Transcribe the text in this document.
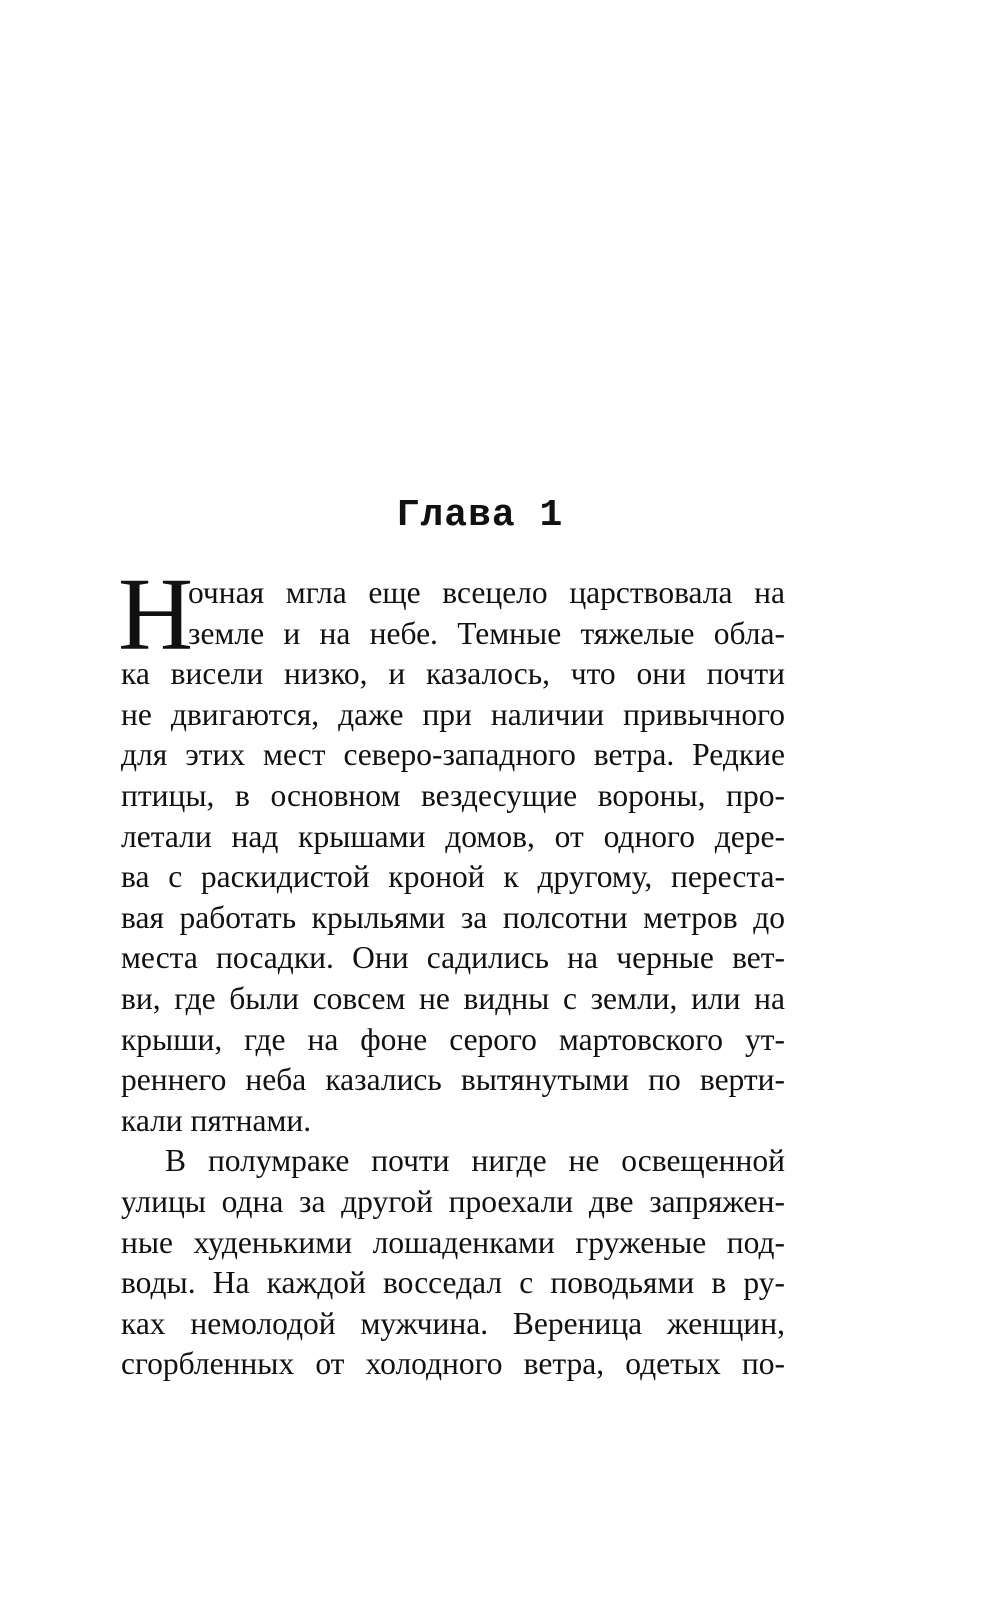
Глава 1
Н
очная мгла еще всецело царствовала на
земле и на небе. Темные тяжелые обла-
ка висели низко, и казалось, что они почти
не двигаются, даже при наличии привычного
для этих мест северо-западного ветра. Редкие
птицы, в основном вездесущие вороны, про-
летали над крышами домов, от одного дере-
ва с раскидистой кроной к другому, переста-
вая работать крыльями за полсотни метров до
места посадки. Они садились на черные вет-
ви, где были совсем не видны с земли, или на
крыши, где на фоне серого мартовского ут-
реннего неба казались вытянутыми по верти-
кали пятнами.
В полумраке почти нигде не освещенной
улицы одна за другой проехали две запряжен-
ные худенькими лошаденками груженые под-
воды. На каждой восседал с поводьями в ру-
ках немолодой мужчина. Вереница женщин,
сгорбленных от холодного ветра, одетых по-
